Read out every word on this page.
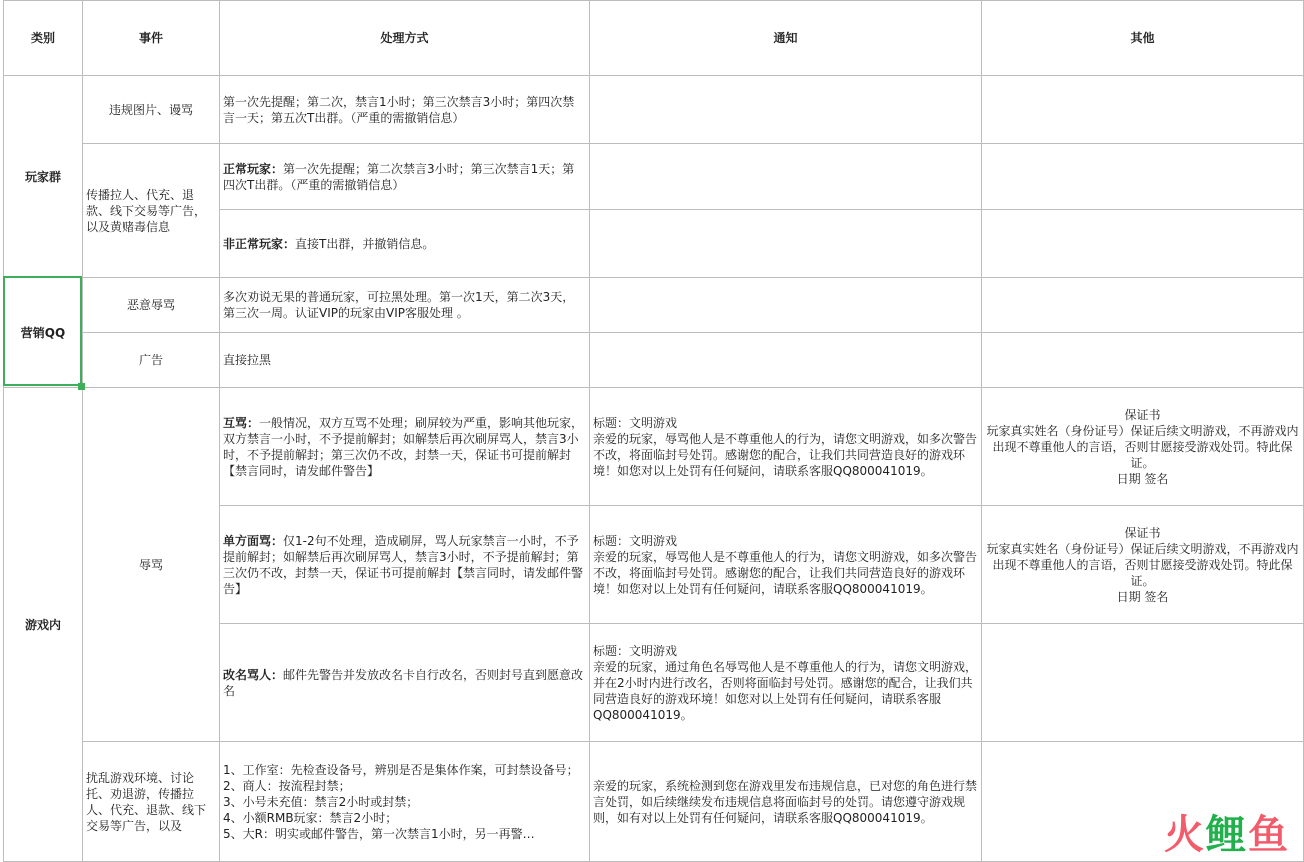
类别	事件	处理方式	通知	其他
玩家群	违规图片、谩骂	第一次先提醒；第二次，禁言1小时；第三次禁言3小时；第四次禁言一天；第五次T出群。（严重的需撤销信息）		
	传播拉人、代充、退款、线下交易等广告，以及黄赌毒信息	正常玩家：第一次先提醒；第二次禁言3小时；第三次禁言1天；第四次T出群。（严重的需撤销信息）		
		非正常玩家：直接T出群，并撤销信息。		
营销QQ	恶意辱骂	多次劝说无果的普通玩家，可拉黑处理。第一次1天，第二次3天，第三次一周。认证VIP的玩家由VIP客服处理 。		
	广告	直接拉黑		
游戏内	辱骂	互骂：一般情况，双方互骂不处理；刷屏较为严重，影响其他玩家，双方禁言一小时，不予提前解封；如解禁后再次刷屏骂人，禁言3小时，不予提前解封；第三次仍不改，封禁一天，保证书可提前解封【禁言同时，请发邮件警告】	标题：文明游戏
亲爱的玩家，辱骂他人是不尊重他人的行为，请您文明游戏，如多次警告不改，将面临封号处罚。感谢您的配合，让我们共同营造良好的游戏环境！如您对以上处罚有任何疑问，请联系客服QQ800041019。	保证书
玩家真实姓名（身份证号）保证后续文明游戏，不再游戏内出现不尊重他人的言语，否则甘愿接受游戏处罚。特此保证。
日期 签名
		单方面骂：仅1-2句不处理，造成刷屏，骂人玩家禁言一小时，不予提前解封；如解禁后再次刷屏骂人，禁言3小时，不予提前解封；第三次仍不改，封禁一天，保证书可提前解封【禁言同时，请发邮件警告】	标题：文明游戏
亲爱的玩家，辱骂他人是不尊重他人的行为，请您文明游戏，如多次警告不改，将面临封号处罚。感谢您的配合，让我们共同营造良好的游戏环境！如您对以上处罚有任何疑问，请联系客服QQ800041019。	保证书
玩家真实姓名（身份证号）保证后续文明游戏，不再游戏内出现不尊重他人的言语，否则甘愿接受游戏处罚。特此保证。
日期 签名
		改名骂人：邮件先警告并发放改名卡自行改名，否则封号直到愿意改名	标题：文明游戏
亲爱的玩家，通过角色名辱骂他人是不尊重他人的行为，请您文明游戏，并在2小时内进行改名，否则将面临封号处罚。感谢您的配合，让我们共同营造良好的游戏环境！如您对以上处罚有任何疑问，请联系客服QQ800041019。	
	扰乱游戏环境、讨论托、劝退游，传播拉人、代充、退款、线下交易等广告，以及	1、工作室：先检查设备号，辨别是否是集体作案，可封禁设备号；
2、商人：按流程封禁；
3、小号未充值：禁言2小时或封禁；
4、小额RMB玩家：禁言2小时；
5、大R：明实或邮件警告，第一次禁言1小时，另一再警…	亲爱的玩家，系统检测到您在游戏里发布违规信息，已对您的角色进行禁言处罚，如后续继续发布违规信息将面临封号的处罚。请您遵守游戏规则，如有对以上处罚有任何疑问，请联系客服QQ800041019。		火鲤鱼
